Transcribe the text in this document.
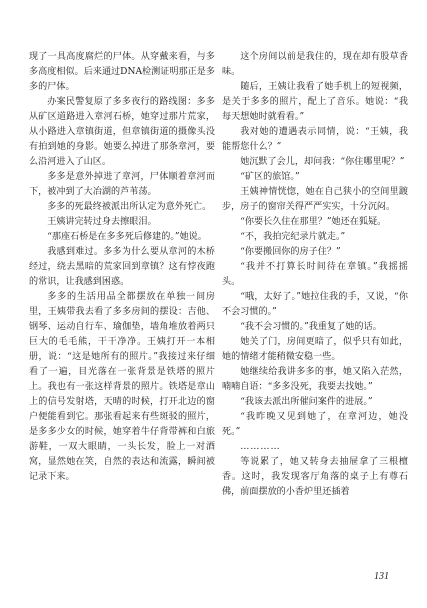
现了一具高度腐烂的尸体。从穿戴来看，与多多高度相似。后来通过DNA检测证明那正是多多的尸体。

办案民警复原了多多夜行的路线图：多多从矿区道路进入章河石桥，她穿过那片荒家，从小路进入章镇街道，但章镇街道的摄像头没有拍到她的身影。她要么掉进了那条章河，要么沿河进入了山区。

多多是意外掉进了章河，尸体顺着章河而下，被冲到了大冶湖的芦苇荡。

多多的死最终被派出所认定为意外死亡。

王姨讲完转过身去擦眼泪。

“那座石桥是在多多死后修建的。”她说。

我感到难过。多多为什么要从章河的木桥经过，绕去黑暗的荒家回到章镇？这有悖夜跑的常识，让我感到困惑。

多多的生活用品全都摆放在单独一间房里，王姨带我去看了多多房间的摆设：吉他、钢琴、运动自行车、瑜伽垫，墙角堆放着两只巨大的毛毛熊，干干净净。王姨打开一本相册，说：“这是她所有的照片。”我接过来仔细看了一遍，目光落在一张背景是铁塔的照片上。我也有一张这样背景的照片。铁塔是章山上的信号发射塔，天晴的时候，打开北边的窗户便能看到它。那张看起来有些斑驳的照片，是多多少女的时候，她穿着牛仔背带裤和白旅游鞋，一双大眼睛，一头长发，脸上一对酒窝，显然她在笑，自然的表达和流露，瞬间被记录下来。

这个房间以前是我住的，现在却有股草香味。

随后，王姨让我看了她手机上的短视频，是关于多多的照片，配上了音乐。她说：“我每天想她时就看看。”

我对她的遭遇表示同情，说：“王姨，我能帮您什么？”

她沉默了会儿，却问我：“你住哪里呢？”

“矿区的旅馆。”

王姨神情恍惚，她在自己狭小的空间里踱步，房子的窗帘关得严严实实，十分沉闷。

“你要长久住在那里？”她还在狐疑。

“不，我拍完纪录片就走。”

“你要搬回你的房子住？”

“我并不打算长时间待在章镇。”我摇摇头。

“哦，太好了。”她拉住我的手，又说，“你不会习惯的。”

“我不会习惯的。”我重复了她的话。

她关了门，房间更暗了，似乎只有如此，她的情绪才能稍微安稳一些。

她继续给我讲多多的事，她又陷入茫然，喃喃自语：“多多没死，我要去找她。”

“我该去派出所催问案件的进展。”

“我昨晚又见到她了，在章河边，她没死。”

…………

等说累了，她又转身去抽屉拿了三根檀香。这时，我发现客厅角落的桌子上有尊石佛，前面摆放的小香炉里还插着

131
